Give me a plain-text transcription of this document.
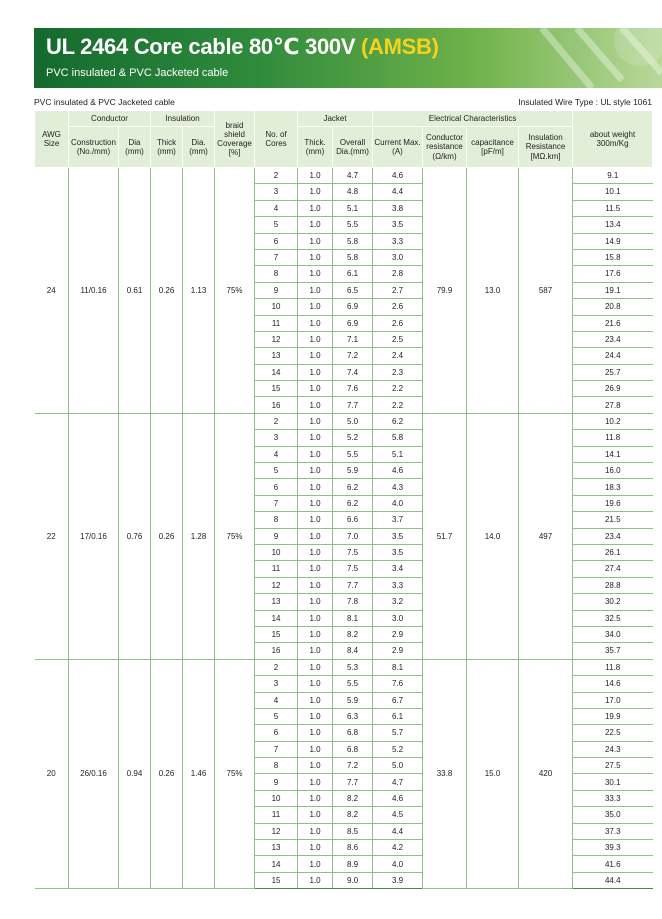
UL 2464 Core cable 80℃ 300V (AMSB)
PVC insulated & PVC Jacketed cable
PVC insulated & PVC Jacketed cable	Insulated Wire Type : UL style 1061
AWG Size	Conductor		Insulation		braid shield Coverage [%]	No. of Cores	Jacket		Electrical Characteristics				about weight 300m/Kg
	Construction (No./mm)	Dia (mm)	Thick (mm)	Dia. (mm)			Thick. (mm)	Overall Dia.(mm)	Current Max.(A)	Conductor resistance (Ω/km)	capacitance [pF/m]	Insulation Resistance [MΩ.km]	
24	11/0.16	0.61	0.26	1.13	75%	2	1.0	4.7	4.6	79.9	13.0	587	9.1
						3	1.0	4.8	4.4				10.1
						4	1.0	5.1	3.8				11.5
						5	1.0	5.5	3.5				13.4
						6	1.0	5.8	3.3				14.9
						7	1.0	5.8	3.0				15.8
						8	1.0	6.1	2.8				17.6
						9	1.0	6.5	2.7				19.1
						10	1.0	6.9	2.6				20.8
						11	1.0	6.9	2.6				21.6
						12	1.0	7.1	2.5				23.4
						13	1.0	7.2	2.4				24.4
						14	1.0	7.4	2.3				25.7
						15	1.0	7.6	2.2				26.9
						16	1.0	7.7	2.2				27.8
22	17/0.16	0.76	0.26	1.28	75%	2	1.0	5.0	6.2	51.7	14.0	497	10.2
						3	1.0	5.2	5.8				11.8
						4	1.0	5.5	5.1				14.1
						5	1.0	5.9	4.6				16.0
						6	1.0	6.2	4.3				18.3
						7	1.0	6.2	4.0				19.6
						8	1.0	6.6	3.7				21.5
						9	1.0	7.0	3.5				23.4
						10	1.0	7.5	3.5				26.1
						11	1.0	7.5	3.4				27.4
						12	1.0	7.7	3.3				28.8
						13	1.0	7.8	3.2				30.2
						14	1.0	8.1	3.0				32.5
						15	1.0	8.2	2.9				34.0
						16	1.0	8.4	2.9				35.7
20	26/0.16	0.94	0.26	1.46	75%	2	1.0	5.3	8.1	33.8	15.0	420	11.8
						3	1.0	5.5	7.6				14.6
						4	1.0	5.9	6.7				17.0
						5	1.0	6.3	6.1				19.9
						6	1.0	6.8	5.7				22.5
						7	1.0	6.8	5.2				24.3
						8	1.0	7.2	5.0				27.5
						9	1.0	7.7	4.7				30.1
						10	1.0	8.2	4.6				33.3
						11	1.0	8.2	4.5				35.0
						12	1.0	8.5	4.4				37.3
						13	1.0	8.6	4.2				39.3
						14	1.0	8.9	4.0				41.6
						15	1.0	9.0	3.9				44.4
